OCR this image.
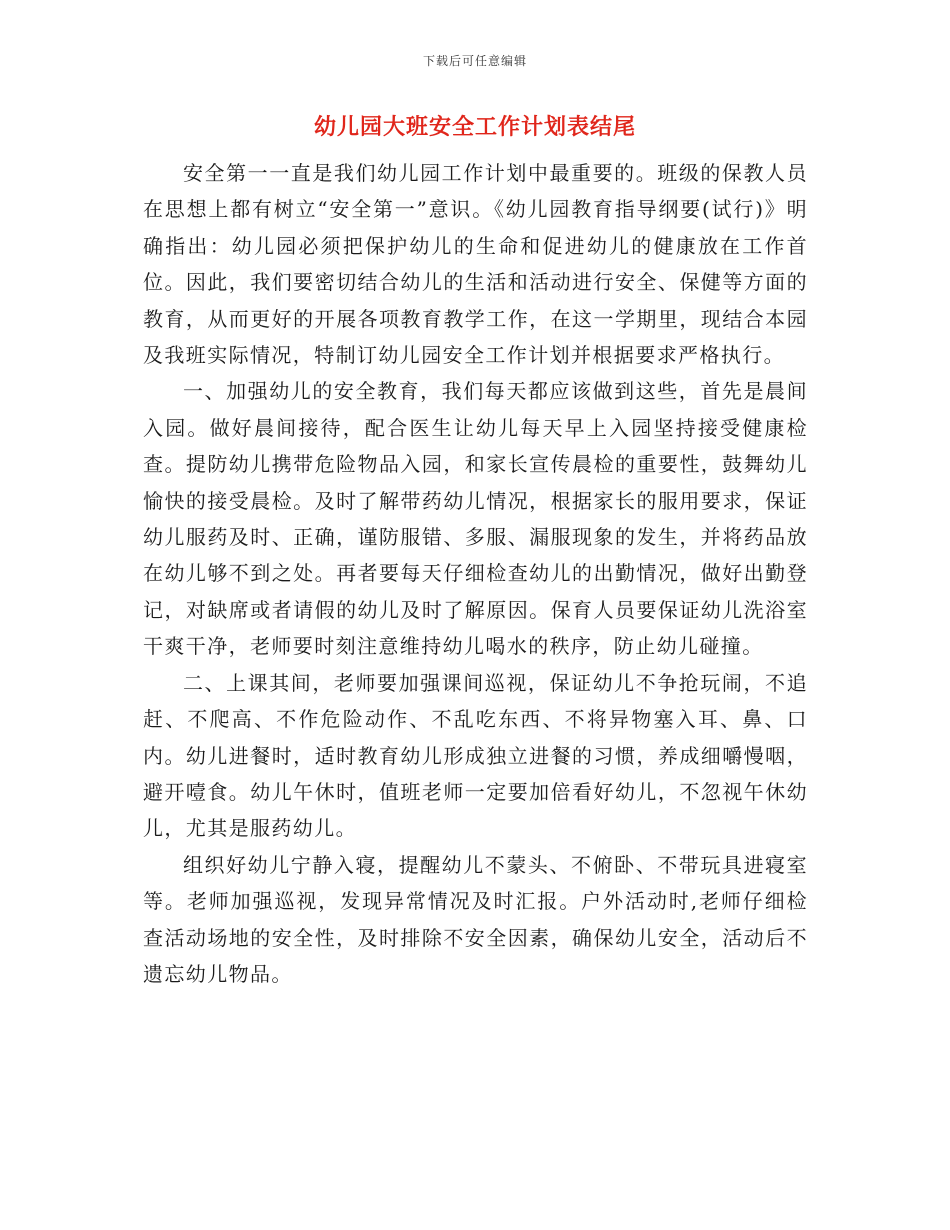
下载后可任意编辑
幼儿园大班安全工作计划表结尾

安全第一一直是我们幼儿园工作计划中最重要的。班级的保教人员在思想上都有树立“安全第一”意识。《幼儿园教育指导纲要(试行)》明确指出：幼儿园必须把保护幼儿的生命和促进幼儿的健康放在工作首位。因此，我们要密切结合幼儿的生活和活动进行安全、保健等方面的教育，从而更好的开展各项教育教学工作，在这一学期里，现结合本园及我班实际情况，特制订幼儿园安全工作计划并根据要求严格执行。

一、加强幼儿的安全教育，我们每天都应该做到这些，首先是晨间入园。做好晨间接待，配合医生让幼儿每天早上入园坚持接受健康检查。提防幼儿携带危险物品入园，和家长宣传晨检的重要性，鼓舞幼儿愉快的接受晨检。及时了解带药幼儿情况，根据家长的服用要求，保证幼儿服药及时、正确，谨防服错、多服、漏服现象的发生，并将药品放在幼儿够不到之处。再者要每天仔细检查幼儿的出勤情况，做好出勤登记，对缺席或者请假的幼儿及时了解原因。保育人员要保证幼儿洗浴室干爽干净，老师要时刻注意维持幼儿喝水的秩序，防止幼儿碰撞。

二、上课其间，老师要加强课间巡视，保证幼儿不争抢玩闹，不追赶、不爬高、不作危险动作、不乱吃东西、不将异物塞入耳、鼻、口内。幼儿进餐时，适时教育幼儿形成独立进餐的习惯，养成细嚼慢咽，避开噎食。幼儿午休时，值班老师一定要加倍看好幼儿，不忽视午休幼儿，尤其是服药幼儿。

组织好幼儿宁静入寝，提醒幼儿不蒙头、不俯卧、不带玩具进寝室等。老师加强巡视，发现异常情况及时汇报。户外活动时,老师仔细检查活动场地的安全性，及时排除不安全因素，确保幼儿安全，活动后不遗忘幼儿物品。
